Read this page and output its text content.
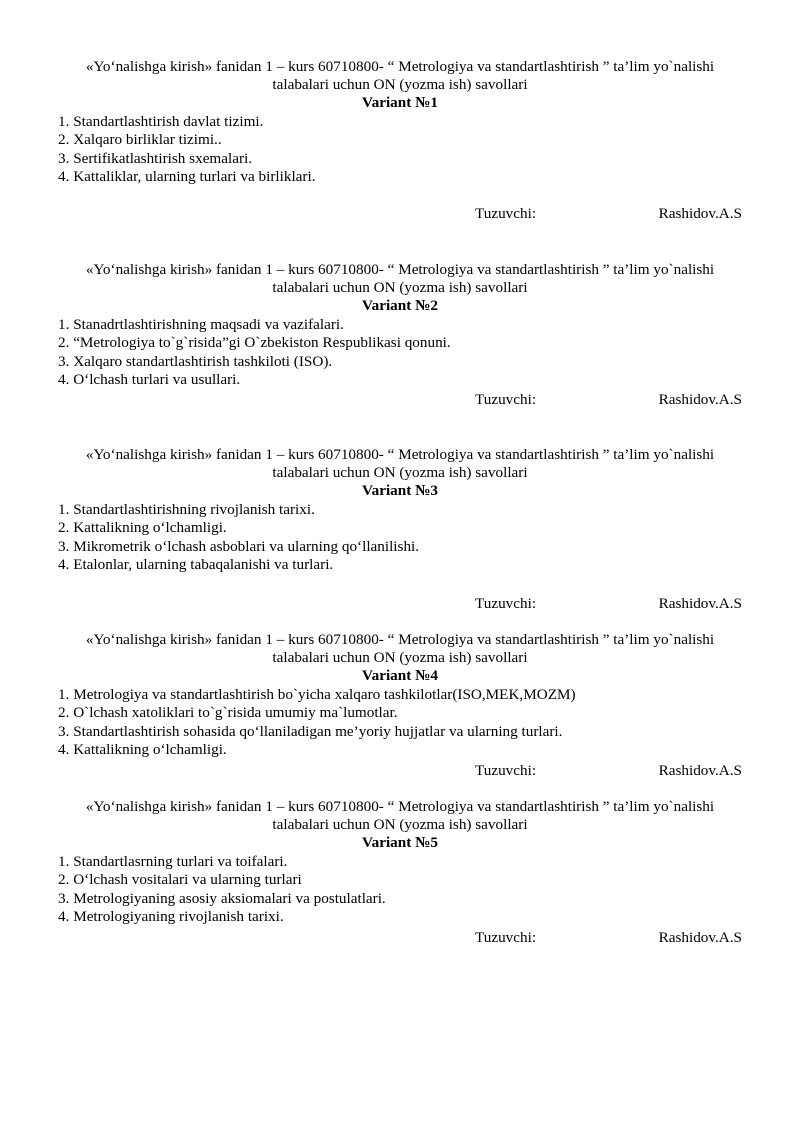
«Yo‘nalishga kirish» fanidan 1 – kurs 60710800- “ Metrologiya va standartlashtirish ” ta’lim yo`nalishi talabalari uchun ON (yozma ish) savollari

Variant №1

1. Standartlashtirish davlat tizimi.
2. Xalqaro birliklar tizimi..
3. Sertifikatlashtirish sxemalari.
4. Kattaliklar, ularning turlari va birliklari.
Tuzuvchi:	Rashidov.A.S

«Yo‘nalishga kirish» fanidan 1 – kurs 60710800- “ Metrologiya va standartlashtirish ” ta’lim yo`nalishi talabalari uchun ON (yozma ish) savollari

Variant №2

1. Stanadrtlashtirishning maqsadi va vazifalari.
2. “Metrologiya to`g`risida”gi O`zbekiston Respublikasi qonuni.
3. Xalqaro standartlashtirish tashkiloti (ISO).
4. O‘lchash turlari va usullari.
Tuzuvchi:	Rashidov.A.S

«Yo‘nalishga kirish» fanidan 1 – kurs 60710800- “ Metrologiya va standartlashtirish ” ta’lim yo`nalishi talabalari uchun ON (yozma ish) savollari

Variant №3

1. Standartlashtirishning rivojlanish tarixi.
2. Kattalikning o‘lchamligi.
3. Mikrometrik o‘lchash asboblari va ularning qo‘llanilishi.
4. Etalonlar, ularning tabaqalanishi va turlari.
Tuzuvchi:	Rashidov.A.S

«Yo‘nalishga kirish» fanidan 1 – kurs 60710800- “ Metrologiya va standartlashtirish ” ta’lim yo`nalishi talabalari uchun ON (yozma ish) savollari

Variant №4

1. Metrologiya va standartlashtirish bo`yicha xalqaro tashkilotlar(ISO,MEK,MOZM)
2. O`lchash xatoliklari to`g`risida umumiy ma`lumotlar.
3. Standartlashtirish sohasida qo‘llaniladigan me’yoriy hujjatlar va ularning turlari.
4. Kattalikning o‘lchamligi.
Tuzuvchi:	Rashidov.A.S

«Yo‘nalishga kirish» fanidan 1 – kurs 60710800- “ Metrologiya va standartlashtirish ” ta’lim yo`nalishi talabalari uchun ON (yozma ish) savollari

Variant №5

1. Standartlasrning turlari va toifalari.
2. O‘lchash vositalari va ularning turlari
3. Metrologiyaning asosiy aksiomalari va postulatlari.
4. Metrologiyaning rivojlanish tarixi.
Tuzuvchi:	Rashidov.A.S
